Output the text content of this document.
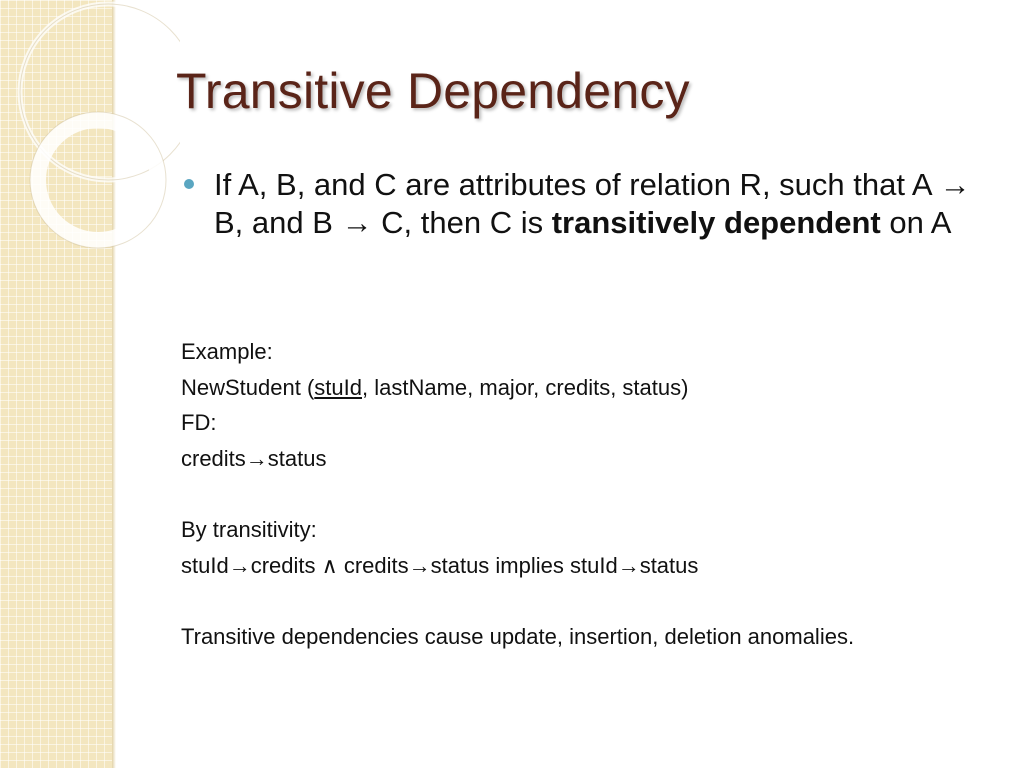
Transitive Dependency

If A, B, and C are attributes of relation R, such that A → B, and B → C, then C is transitively dependent on A

Example:

NewStudent (stuId, lastName, major, credits, status)

FD:

credits→status

By transitivity:

stuId→credits ∧ credits→status implies stuId→status

Transitive dependencies cause update, insertion, deletion anomalies.
